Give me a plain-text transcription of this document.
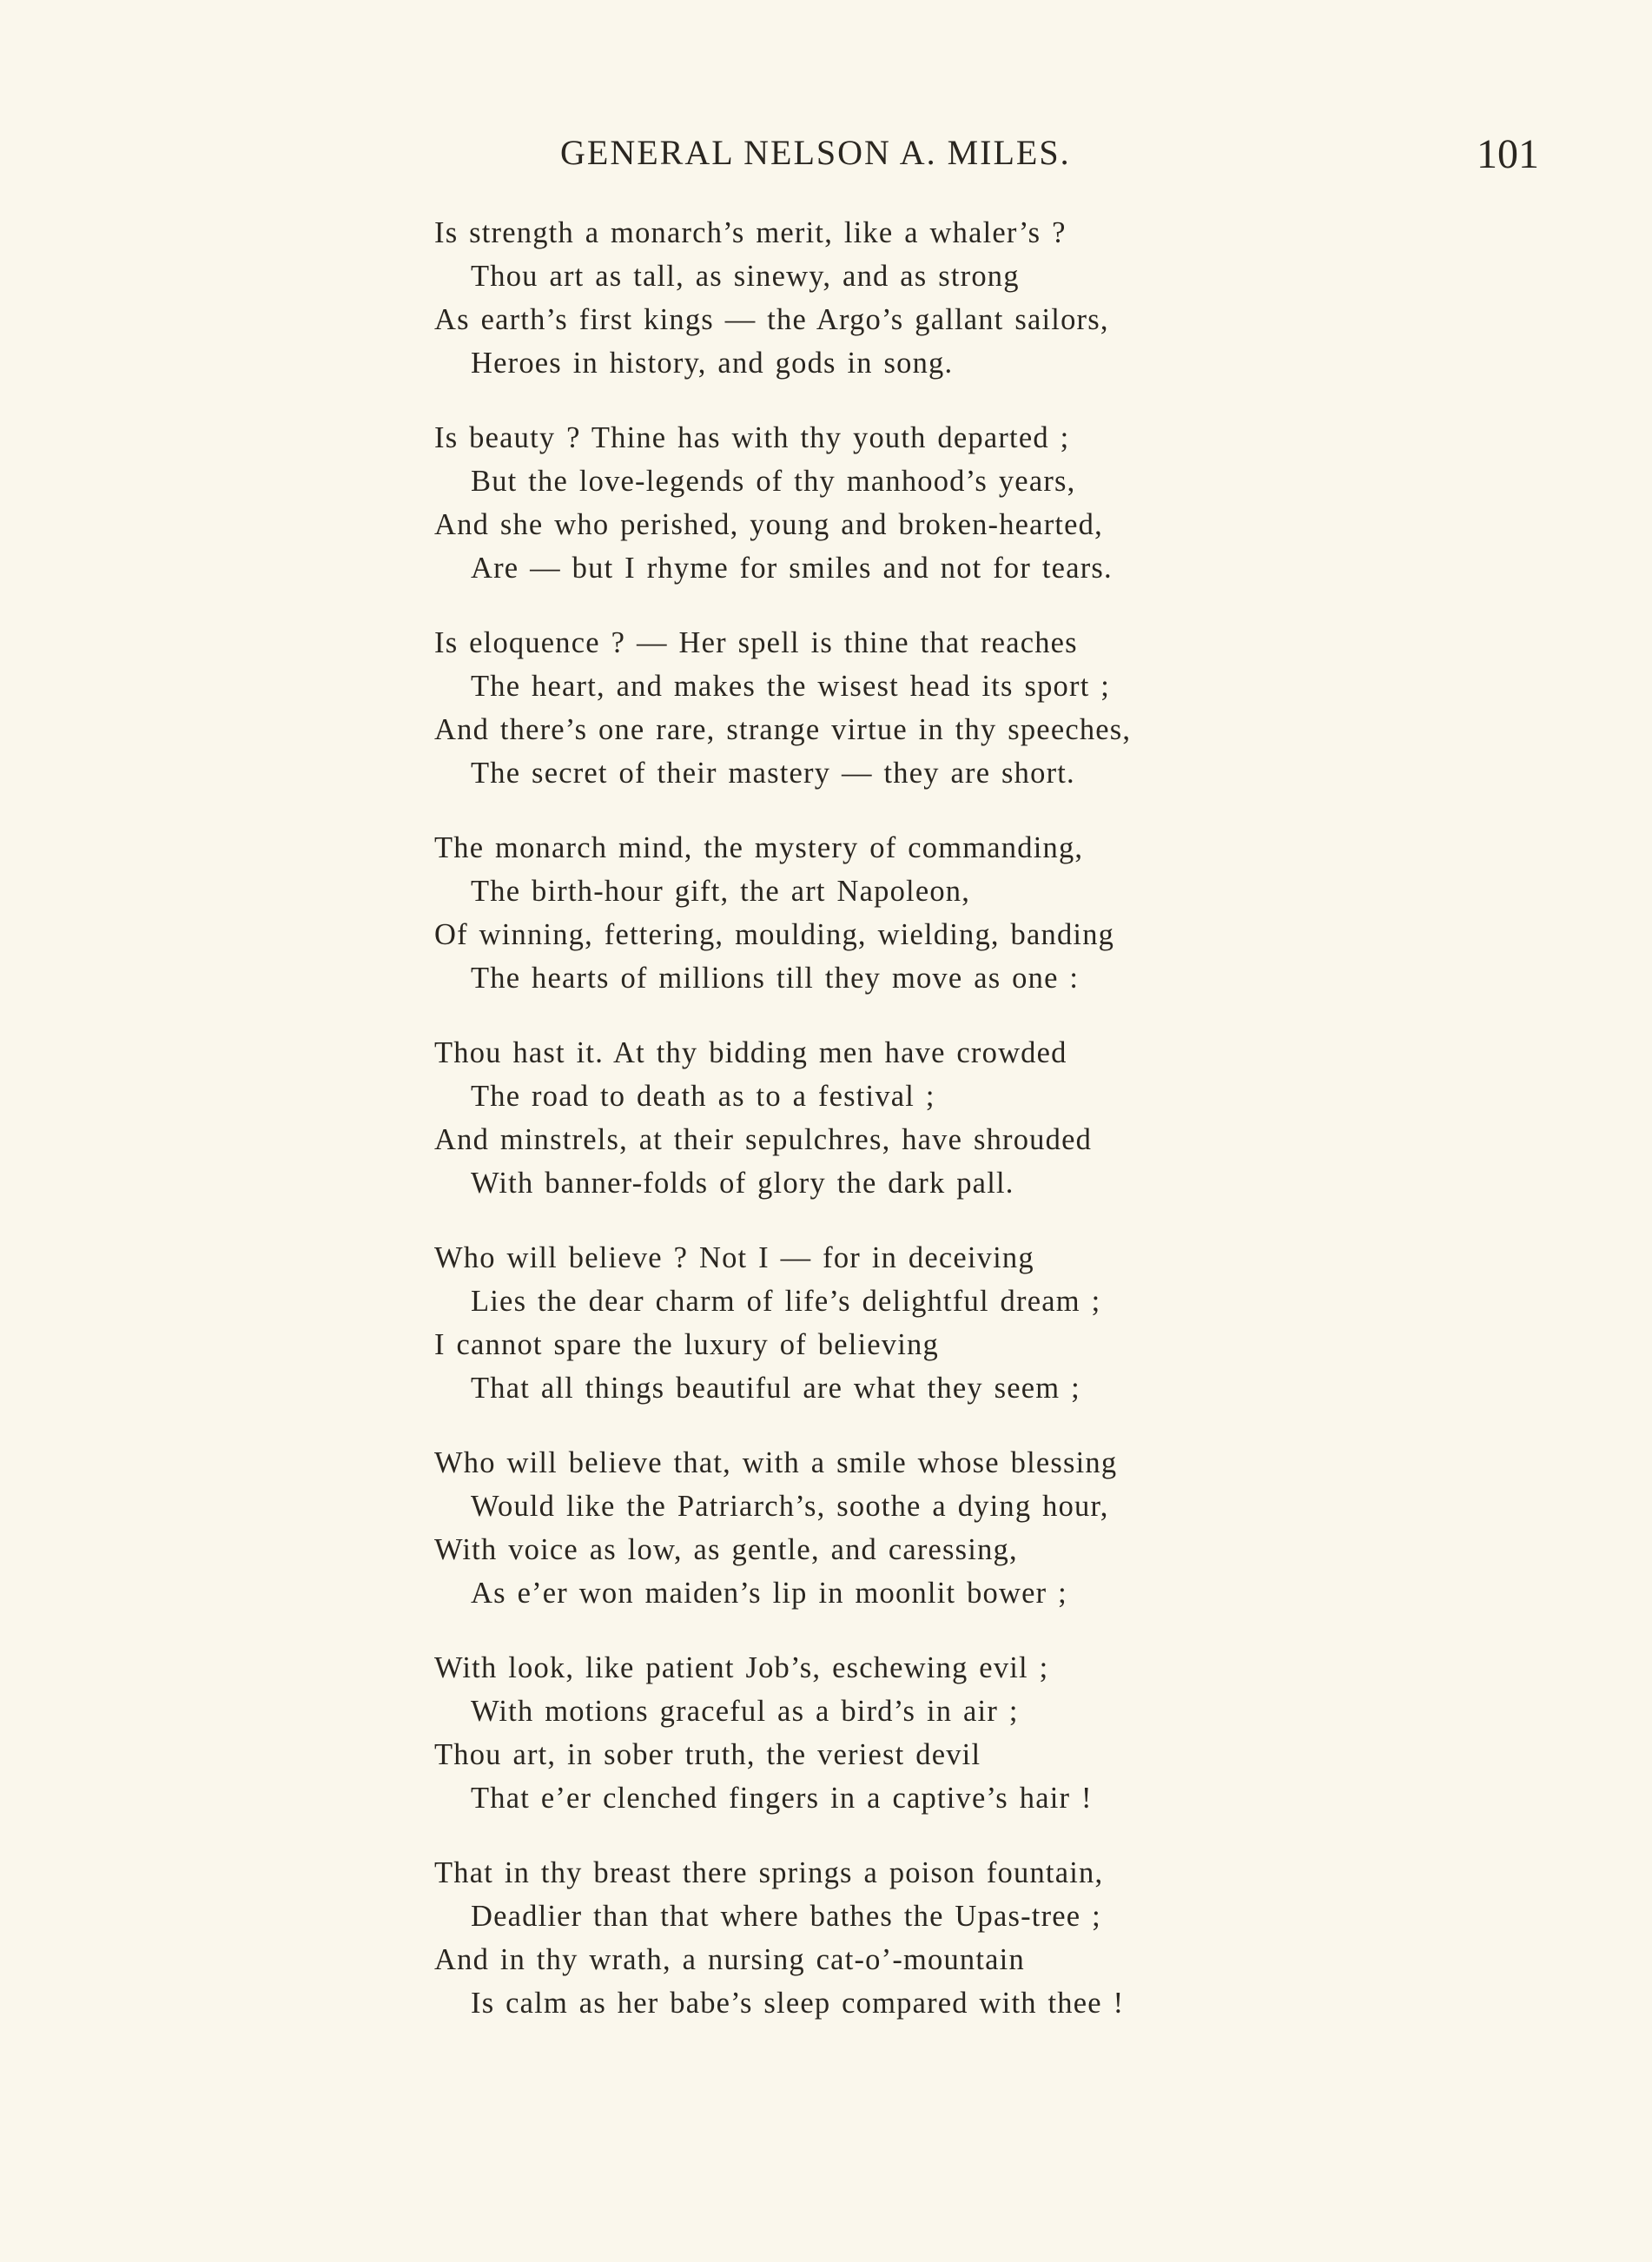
GENERAL NELSON A. MILES.	101
Is strength a monarch’s merit, like a whaler’s ?
Thou art as tall, as sinewy, and as strong
As earth’s first kings — the Argo’s gallant sailors,
Heroes in history, and gods in song.
Is beauty ? Thine has with thy youth departed ;
But the love-legends of thy manhood’s years,
And she who perished, young and broken-hearted,
Are — but I rhyme for smiles and not for tears.
Is eloquence ? — Her spell is thine that reaches
The heart, and makes the wisest head its sport ;
And there’s one rare, strange virtue in thy speeches,
The secret of their mastery — they are short.
The monarch mind, the mystery of commanding,
The birth-hour gift, the art Napoleon,
Of winning, fettering, moulding, wielding, banding
The hearts of millions till they move as one :
Thou hast it. At thy bidding men have crowded
The road to death as to a festival ;
And minstrels, at their sepulchres, have shrouded
With banner-folds of glory the dark pall.
Who will believe ? Not I — for in deceiving
Lies the dear charm of life’s delightful dream ;
I cannot spare the luxury of believing
That all things beautiful are what they seem ;
Who will believe that, with a smile whose blessing
Would like the Patriarch’s, soothe a dying hour,
With voice as low, as gentle, and caressing,
As e’er won maiden’s lip in moonlit bower ;
With look, like patient Job’s, eschewing evil ;
With motions graceful as a bird’s in air ;
Thou art, in sober truth, the veriest devil
That e’er clenched fingers in a captive’s hair !
That in thy breast there springs a poison fountain,
Deadlier than that where bathes the Upas-tree ;
And in thy wrath, a nursing cat-o’-mountain
Is calm as her babe’s sleep compared with thee !
